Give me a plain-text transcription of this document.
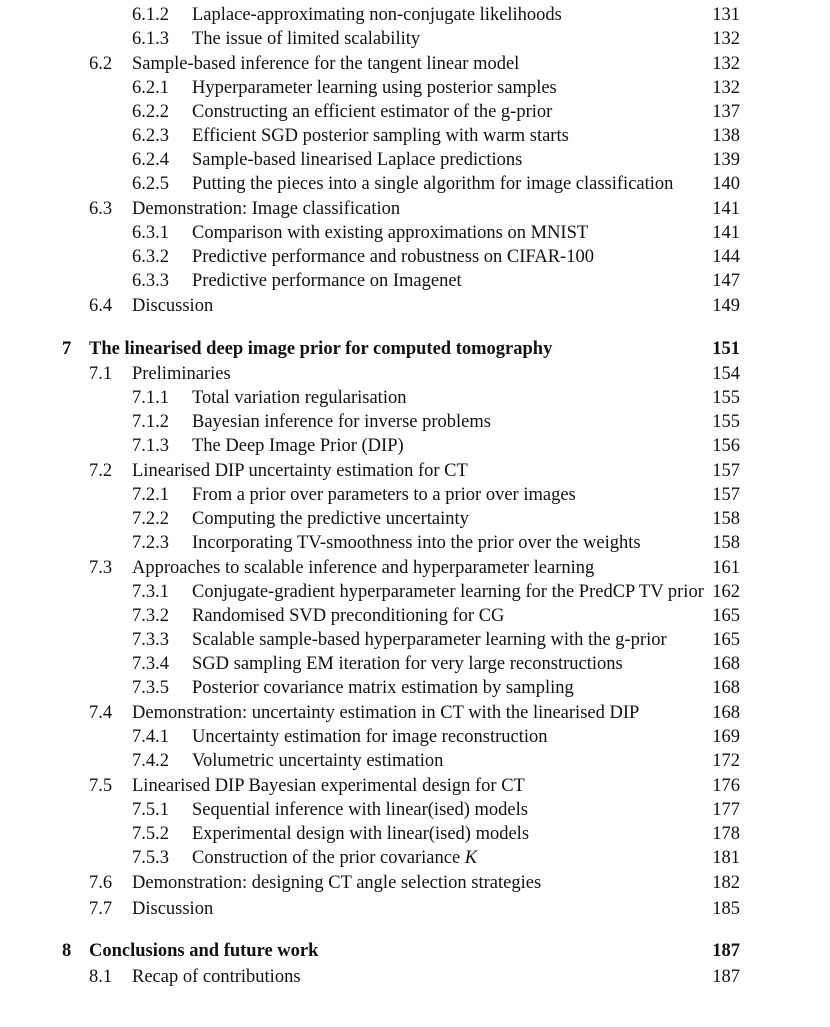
6.1.2 Laplace-approximating non-conjugate likelihoods	131
6.1.3 The issue of limited scalability	132
6.2 Sample-based inference for the tangent linear model	132
6.2.1 Hyperparameter learning using posterior samples	132
6.2.2 Constructing an efficient estimator of the g-prior	137
6.2.3 Efficient SGD posterior sampling with warm starts	138
6.2.4 Sample-based linearised Laplace predictions	139
6.2.5 Putting the pieces into a single algorithm for image classification 140
6.3 Demonstration: Image classification	141
6.3.1 Comparison with existing approximations on MNIST	141
6.3.2 Predictive performance and robustness on CIFAR-100	144
6.3.3 Predictive performance on Imagenet	147
6.4 Discussion	149
7 The linearised deep image prior for computed tomography	151
7.1 Preliminaries	154
7.1.1 Total variation regularisation	155
7.1.2 Bayesian inference for inverse problems	155
7.1.3 The Deep Image Prior (DIP)	156
7.2 Linearised DIP uncertainty estimation for CT	157
7.2.1 From a prior over parameters to a prior over images	157
7.2.2 Computing the predictive uncertainty	158
7.2.3 Incorporating TV-smoothness into the prior over the weights	158
7.3 Approaches to scalable inference and hyperparameter learning	161
7.3.1 Conjugate-gradient hyperparameter learning for the PredCP TV prior 162
7.3.2 Randomised SVD preconditioning for CG	165
7.3.3 Scalable sample-based hyperparameter learning with the g-prior 165
7.3.4 SGD sampling EM iteration for very large reconstructions	168
7.3.5 Posterior covariance matrix estimation by sampling	168
7.4 Demonstration: uncertainty estimation in CT with the linearised DIP	168
7.4.1 Uncertainty estimation for image reconstruction	169
7.4.2 Volumetric uncertainty estimation	172
7.5 Linearised DIP Bayesian experimental design for CT	176
7.5.1 Sequential inference with linear(ised) models	177
7.5.2 Experimental design with linear(ised) models	178
7.5.3 Construction of the prior covariance K	181
7.6 Demonstration: designing CT angle selection strategies	182
7.7 Discussion	185
8 Conclusions and future work	187
8.1 Recap of contributions	187
